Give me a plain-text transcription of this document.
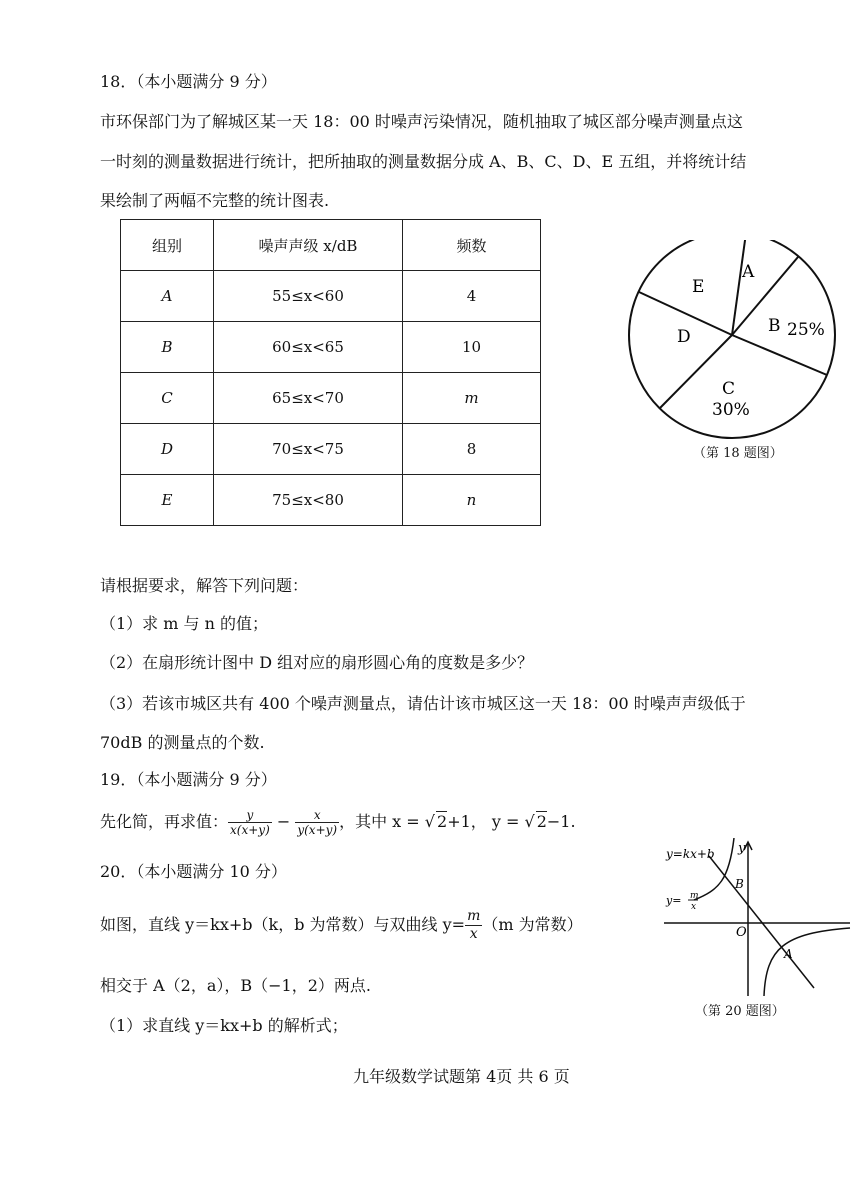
18．（本小题满分 9 分）
市环保部门为了解城区某一天 18：00 时噪声污染情况，随机抽取了城区部分噪声测量点这
一时刻的测量数据进行统计，把所抽取的测量数据分成 A、B、C、D、E 五组，并将统计结
果绘制了两幅不完整的统计图表.
组别	噪声声级 x/dB	频数
A	55≤x<60	4
B	60≤x<65	10
C	65≤x<70	m
D	70≤x<75	8
E	75≤x<80	n
A
B 25%
C
30%
D
E
（第 18 题图）
请根据要求，解答下列问题：
（1）求 m 与 n 的值；
（2）在扇形统计图中 D 组对应的扇形圆心角的度数是多少？
（3）若该市城区共有 400 个噪声测量点，请估计该市城区这一天 18：00 时噪声声级低于
70dB 的测量点的个数.
19．（本小题满分 9 分）
先化简，再求值： $\frac{y}{x(x+y)} - \frac{x}{y(x+y)}$ ，其中 x = √ 2+1， y = √ 2−1.
20．（本小题满分 10 分）
如图，直线 y＝kx+b（k，b 为常数）与双曲线 $y= \frac{m}{x} (m$ 为常数）
相交于 A（2，a），B（−1，2）两点.
（1）求直线 y＝kx+b 的解析式；
y=kx+b
y= m
x
y
O
B
A
（第 20 题图）
九年级数学试题第 4页 共 6 页
